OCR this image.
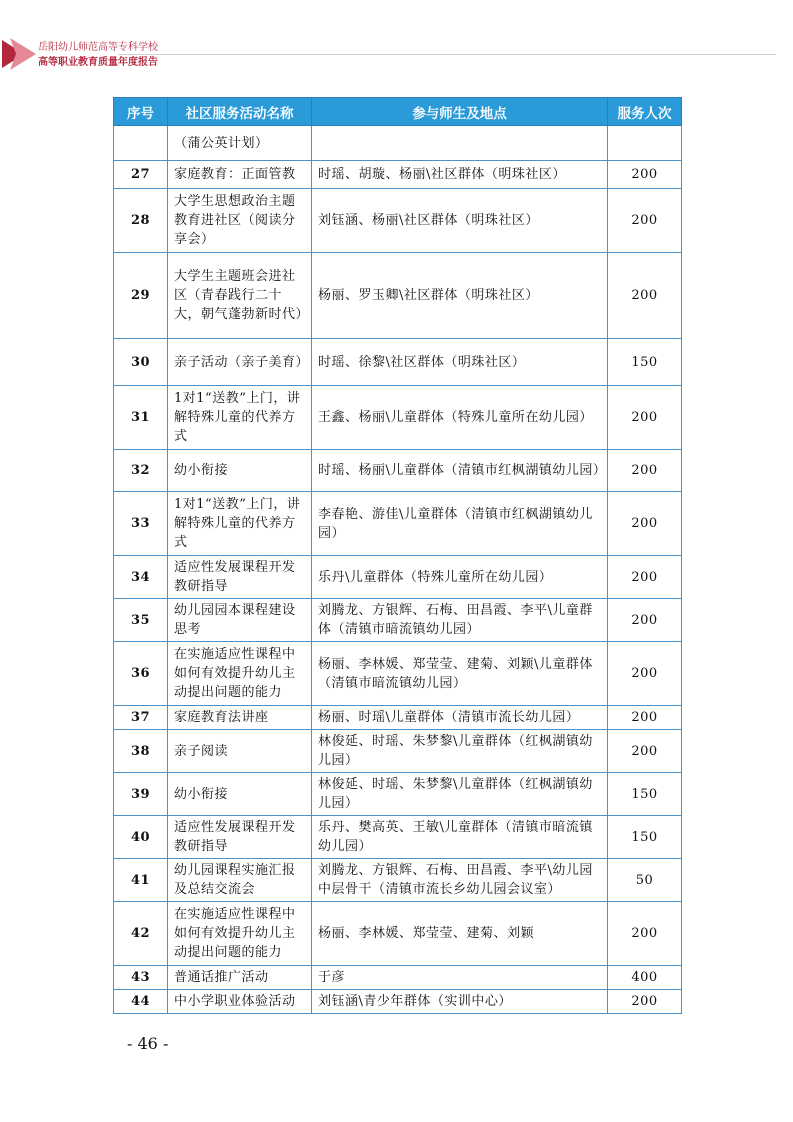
岳阳幼儿师范高等专科学校
高等职业教育质量年度报告
序号	社区服务活动名称	参与师生及地点	服务人次
	（蒲公英计划）		
27	家庭教育：正面管教	时瑶、胡璇、杨丽\社区群体（明珠社区）	200
28	大学生思想政治主题教育进社区（阅读分享会）	刘钰涵、杨丽\社区群体（明珠社区）	200
29	大学生主题班会进社区（青春践行二十大，朝气蓬勃新时代）	杨丽、罗玉卿\社区群体（明珠社区）	200
30	亲子活动（亲子美育）	时瑶、徐黎\社区群体（明珠社区）	150
31	1对1“送教”上门，讲解特殊儿童的代养方式	王鑫、杨丽\儿童群体（特殊儿童所在幼儿园）	200
32	幼小衔接	时瑶、杨丽\儿童群体（清镇市红枫湖镇幼儿园）	200
33	1对1“送教”上门，讲解特殊儿童的代养方式	李春艳、游佳\儿童群体（清镇市红枫湖镇幼儿园）	200
34	适应性发展课程开发教研指导	乐丹\儿童群体（特殊儿童所在幼儿园）	200
35	幼儿园园本课程建设思考	刘腾龙、方银辉、石梅、田昌霞、李平\儿童群体（清镇市暗流镇幼儿园）	200
36	在实施适应性课程中如何有效提升幼儿主动提出问题的能力	杨丽、李林媛、郑莹莹、建菊、刘颖\儿童群体（清镇市暗流镇幼儿园）	200
37	家庭教育法讲座	杨丽、时瑶\儿童群体（清镇市流长幼儿园）	200
38	亲子阅读	林俊延、时瑶、朱梦黎\儿童群体（红枫湖镇幼儿园）	200
39	幼小衔接	林俊延、时瑶、朱梦黎\儿童群体（红枫湖镇幼儿园）	150
40	适应性发展课程开发教研指导	乐丹、樊高英、王敏\儿童群体（清镇市暗流镇幼儿园）	150
41	幼儿园课程实施汇报及总结交流会	刘腾龙、方银辉、石梅、田昌霞、李平\幼儿园中层骨干（清镇市流长乡幼儿园会议室）	50
42	在实施适应性课程中如何有效提升幼儿主动提出问题的能力	杨丽、李林媛、郑莹莹、建菊、刘颖	200
43	普通话推广活动	于彦	400
44	中小学职业体验活动	刘钰涵\青少年群体（实训中心）	200
- 46 -
